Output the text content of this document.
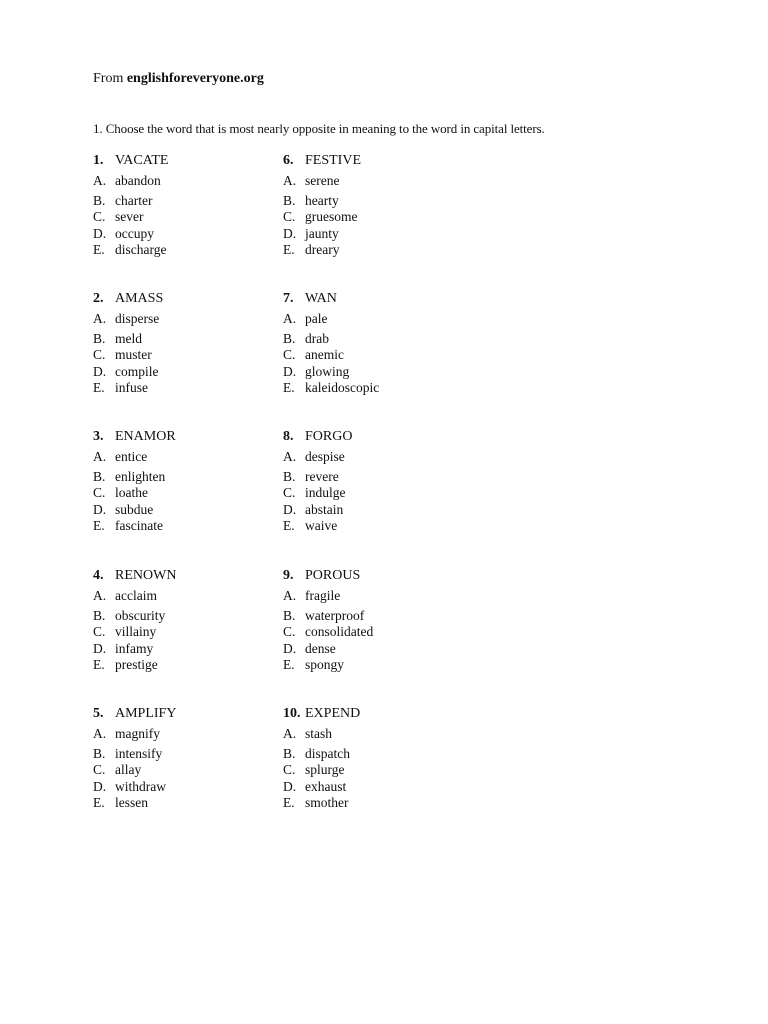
From englishforeveryone.org
1. Choose the word that is most nearly opposite in meaning to the word in capital letters.
1. VACATE
A. abandon
B. charter
C. sever
D. occupy
E. discharge
2. AMASS
A. disperse
B. meld
C. muster
D. compile
E. infuse
3. ENAMOR
A. entice
B. enlighten
C. loathe
D. subdue
E. fascinate
4. RENOWN
A. acclaim
B. obscurity
C. villainy
D. infamy
E. prestige
5. AMPLIFY
A. magnify
B. intensify
C. allay
D. withdraw
E. lessen
6. FESTIVE
A. serene
B. hearty
C. gruesome
D. jaunty
E. dreary
7. WAN
A. pale
B. drab
C. anemic
D. glowing
E. kaleidoscopic
8. FORGO
A. despise
B. revere
C. indulge
D. abstain
E. waive
9. POROUS
A. fragile
B. waterproof
C. consolidated
D. dense
E. spongy
10. EXPEND
A. stash
B. dispatch
C. splurge
D. exhaust
E. smother
